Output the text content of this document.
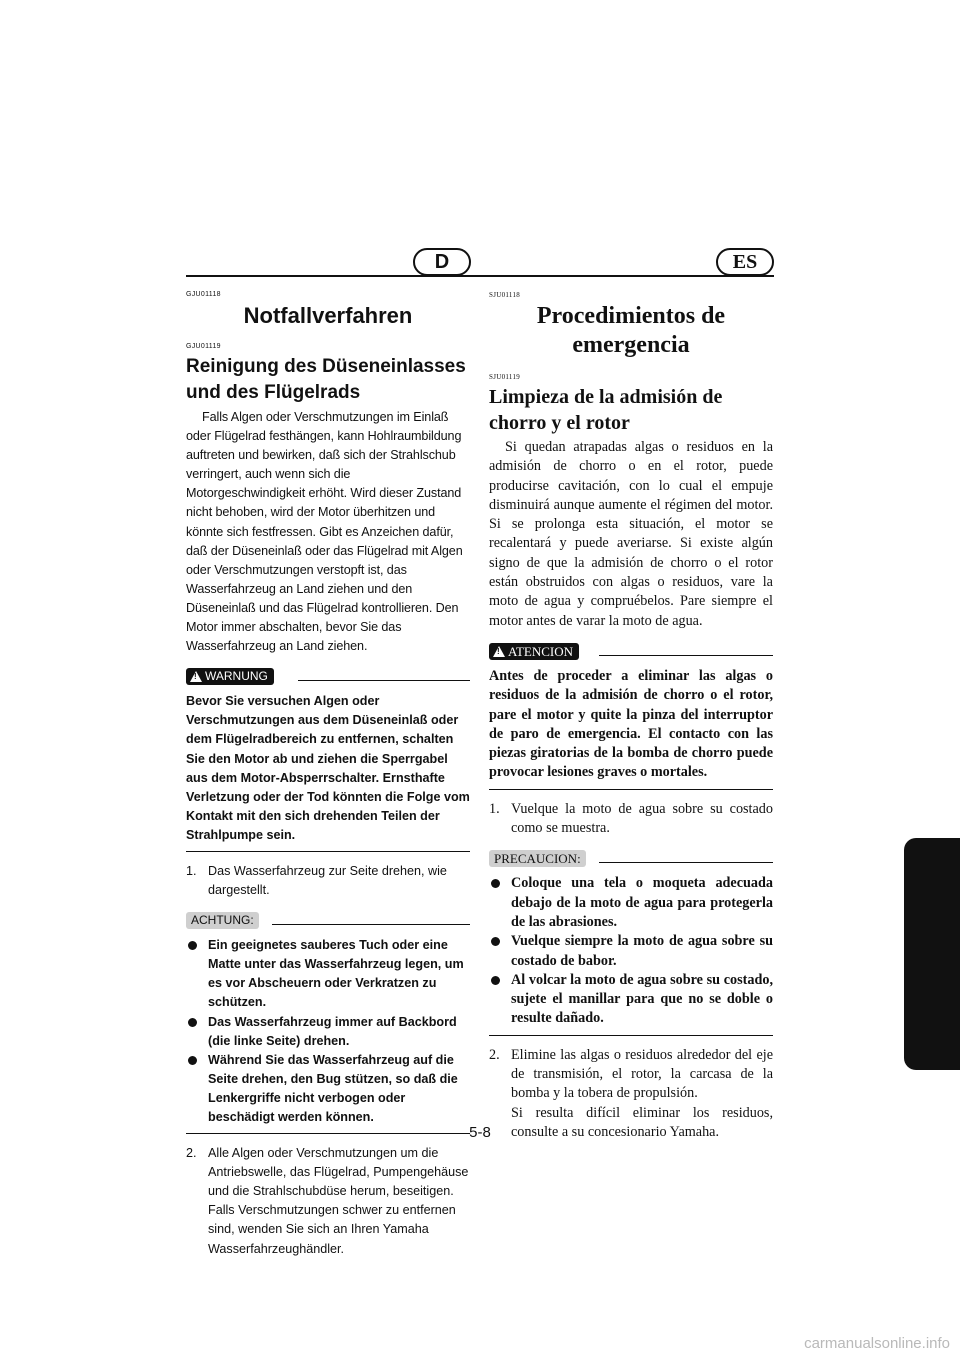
D	ES
GJU01118
Notfallverfahren
GJU01119
Reinigung des Düseneinlasses und des Flügelrads

Falls Algen oder Verschmutzungen im Einlaß oder Flügelrad festhängen, kann Hohlraumbildung auftreten und bewirken, daß sich der Strahlschub verringert, auch wenn sich die Motorgeschwindigkeit erhöht. Wird dieser Zustand nicht behoben, wird der Motor überhitzen und könnte sich festfressen. Gibt es Anzeichen dafür, daß der Düseneinlaß oder das Flügelrad mit Algen oder Verschmutzungen verstopft ist, das Wasserfahrzeug an Land ziehen und den Düseneinlaß und das Flügelrad kontrollieren. Den Motor immer abschalten, bevor Sie das Wasserfahrzeug an Land ziehen.

!
WARNUNG

Bevor Sie versuchen Algen oder Verschmutzungen aus dem Düseneinlaß oder dem Flügelradbereich zu entfernen, schalten Sie den Motor ab und ziehen die Sperrgabel aus dem Motor-Absperrschalter. Ernsthafte Verletzung oder der Tod könnten die Folge vom Kontakt mit den sich drehenden Teilen der Strahlpumpe sein.

1. Das Wasserfahrzeug zur Seite drehen, wie dargestellt.
ACHTUNG:
Ein geeignetes sauberes Tuch oder eine Matte unter das Wasserfahrzeug legen, um es vor Abscheuern oder Verkratzen zu schützen.
Das Wasserfahrzeug immer auf Backbord (die linke Seite) drehen.
Während Sie das Wasserfahrzeug auf die Seite drehen, den Bug stützen, so daß die Lenkergriffe nicht verbogen oder beschädigt werden können.
2. Alle Algen oder Verschmutzungen um die Antriebswelle, das Flügelrad, Pumpengehäuse und die Strahlschubdüse herum, beseitigen. Falls Verschmutzungen schwer zu entfernen sind, wenden Sie sich an Ihren Yamaha Wasserfahrzeughändler.
SJU01118
Procedimientos de emergencia
SJU01119
Limpieza de la admisión de chorro y el rotor

Si quedan atrapadas algas o residuos en la admisión de chorro o en el rotor, puede producirse cavitación, con lo cual el empuje disminuirá aunque aumente el régimen del motor. Si se prolonga esta situación, el motor se recalentará y puede averiarse. Si existe algún signo de que la admisión de chorro o el rotor están obstruidos con algas o residuos, vare la moto de agua y compruébelos. Pare siempre el motor antes de varar la moto de agua.

!
ATENCION

Antes de proceder a eliminar las algas o residuos de la admisión de chorro o el rotor, pare el motor y quite la pinza del interruptor de paro de emergencia. El contacto con las piezas giratorias de la bomba de chorro puede provocar lesiones graves o mortales.

1. Vuelque la moto de agua sobre su costado como se muestra.
PRECAUCION:
Coloque una tela o moqueta adecuada debajo de la moto de agua para protegerla de las abrasiones.
Vuelque siempre la moto de agua sobre su costado de babor.
Al volcar la moto de agua sobre su costado, sujete el manillar para que no se doble o resulte dañado.
2. Elimine las algas o residuos alrededor del eje de transmisión, el rotor, la carcasa de la bomba y la tobera de propulsión.
Si resulta difícil eliminar los residuos, consulte a su concesionario Yamaha.
5-8
carmanualsonline.info
